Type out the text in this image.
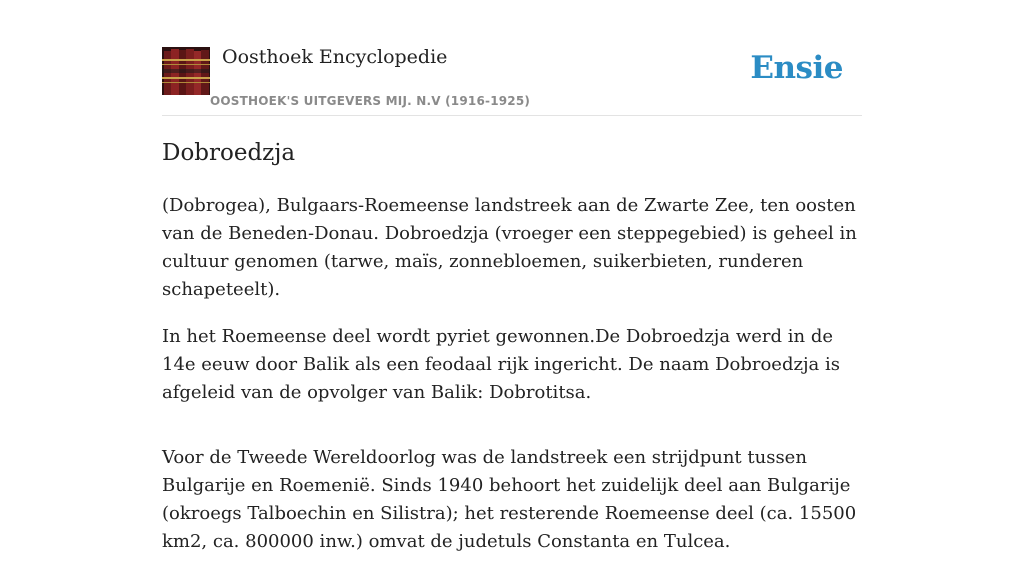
Oosthoek Encyclopedie
OOSTHOEK'S UITGEVERS MIJ. N.V (1916-1925)
Ensie
Dobroedzja

(Dobrogea), Bulgaars-Roemeense landstreek aan de Zwarte Zee, ten oosten van de Beneden-Donau. Dobroedzja (vroeger een steppegebied) is geheel in cultuur genomen (tarwe, maïs, zonnebloemen, suikerbieten, runderen schapeteelt).

In het Roemeense deel wordt pyriet gewonnen.De Dobroedzja werd in de 14e eeuw door Balik als een feodaal rijk ingericht. De naam Dobroedzja is afgeleid van de opvolger van Balik: Dobrotitsa.

Voor de Tweede Wereldoorlog was de landstreek een strijdpunt tussen Bulgarije en Roemenië. Sinds 1940 behoort het zuidelijk deel aan Bulgarije (okroegs Talboechin en Silistra); het resterende Roemeense deel (ca. 15500 km2, ca. 800000 inw.) omvat de judetuls Constanta en Tulcea.
